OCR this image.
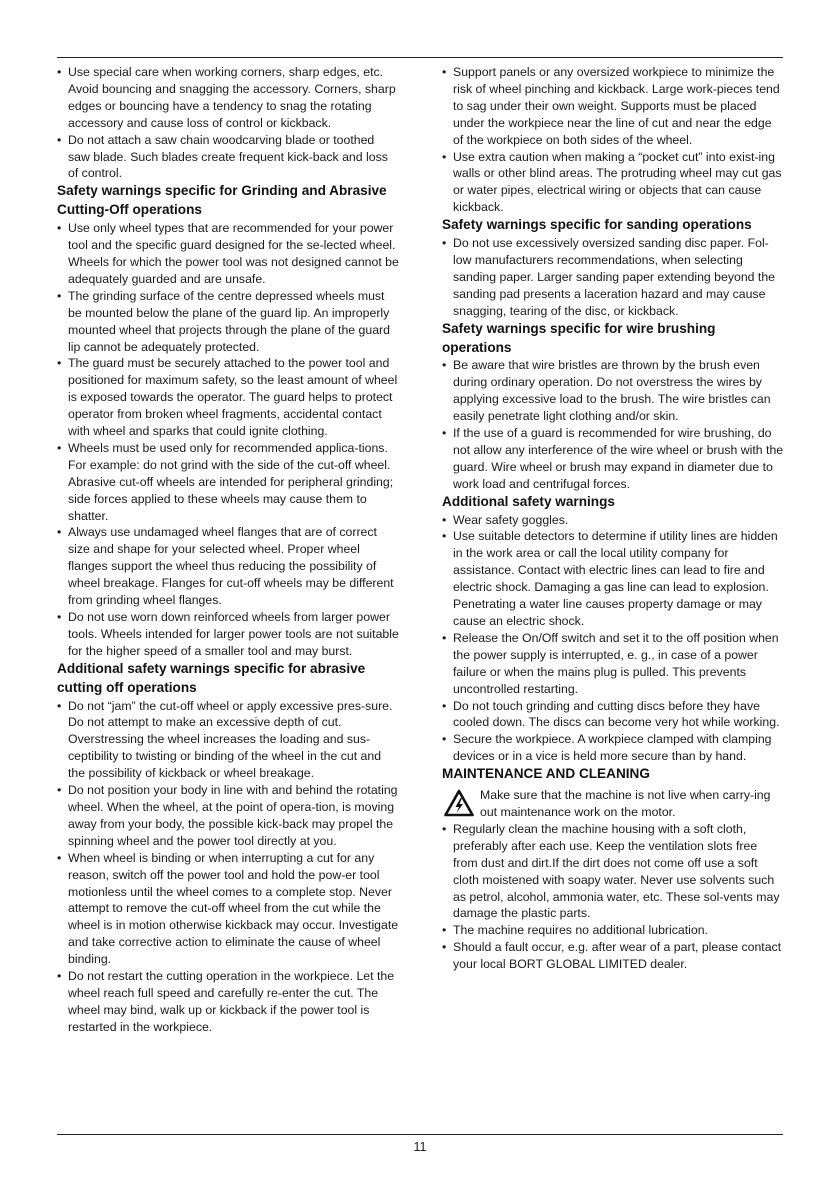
• Use special care when working corners, sharp edges, etc. Avoid bouncing and snagging the accessory. Corners, sharp edges or bouncing have a tendency to snag the rotating accessory and cause loss of control or kickback.
• Do not attach a saw chain woodcarving blade or toothed saw blade. Such blades create frequent kick-back and loss of control.
Safety warnings specific for Grinding and Abrasive Cutting-Off operations
• Use only wheel types that are recommended for your power tool and the specific guard designed for the se-lected wheel. Wheels for which the power tool was not designed cannot be adequately guarded and are unsafe.
• The grinding surface of the centre depressed wheels must be mounted below the plane of the guard lip. An improperly mounted wheel that projects through the plane of the guard lip cannot be adequately protected.
• The guard must be securely attached to the power tool and positioned for maximum safety, so the least amount of wheel is exposed towards the operator. The guard helps to protect operator from broken wheel fragments, accidental contact with wheel and sparks that could ignite clothing.
• Wheels must be used only for recommended applica-tions. For example: do not grind with the side of the cut-off wheel. Abrasive cut-off wheels are intended for peripheral grinding; side forces applied to these wheels may cause them to shatter.
• Always use undamaged wheel flanges that are of correct size and shape for your selected wheel. Proper wheel flanges support the wheel thus reducing the possibility of wheel breakage. Flanges for cut-off wheels may be different from grinding wheel flanges.
• Do not use worn down reinforced wheels from larger power tools. Wheels intended for larger power tools are not suitable for the higher speed of a smaller tool and may burst.
Additional safety warnings specific for abrasive cutting off operations
• Do not “jam” the cut-off wheel or apply excessive pres-sure. Do not attempt to make an excessive depth of cut. Overstressing the wheel increases the loading and sus-ceptibility to twisting or binding of the wheel in the cut and the possibility of kickback or wheel breakage.
• Do not position your body in line with and behind the rotating wheel. When the wheel, at the point of opera-tion, is moving away from your body, the possible kick-back may propel the spinning wheel and the power tool directly at you.
• When wheel is binding or when interrupting a cut for any reason, switch off the power tool and hold the pow-er tool motionless until the wheel comes to a complete stop. Never attempt to remove the cut-off wheel from the cut while the wheel is in motion otherwise kickback may occur. Investigate and take corrective action to eliminate the cause of wheel binding.
• Do not restart the cutting operation in the workpiece. Let the wheel reach full speed and carefully re-enter the cut. The wheel may bind, walk up or kickback if the power tool is restarted in the workpiece.
• Support panels or any oversized workpiece to minimize the risk of wheel pinching and kickback. Large work-pieces tend to sag under their own weight. Supports must be placed under the workpiece near the line of cut and near the edge of the workpiece on both sides of the wheel.
• Use extra caution when making a “pocket cut” into exist-ing walls or other blind areas. The protruding wheel may cut gas or water pipes, electrical wiring or objects that can cause kickback.
Safety warnings specific for sanding operations
• Do not use excessively oversized sanding disc paper. Fol-low manufacturers recommendations, when selecting sanding paper. Larger sanding paper extending beyond the sanding pad presents a laceration hazard and may cause snagging, tearing of the disc, or kickback.
Safety warnings specific for wire brushing operations
• Be aware that wire bristles are thrown by the brush even during ordinary operation. Do not overstress the wires by applying excessive load to the brush. The wire bristles can easily penetrate light clothing and/or skin.
• If the use of a guard is recommended for wire brushing, do not allow any interference of the wire wheel or brush with the guard. Wire wheel or brush may expand in diameter due to work load and centrifugal forces.
Additional safety warnings
• Wear safety goggles.
• Use suitable detectors to determine if utility lines are hidden in the work area or call the local utility company for assistance. Contact with electric lines can lead to fire and electric shock. Damaging a gas line can lead to explosion. Penetrating a water line causes property damage or may cause an electric shock.
• Release the On/Off switch and set it to the off position when the power supply is interrupted, e. g., in case of a power failure or when the mains plug is pulled. This prevents uncontrolled restarting.
• Do not touch grinding and cutting discs before they have cooled down. The discs can become very hot while working.
• Secure the workpiece. A workpiece clamped with clamping devices or in a vice is held more secure than by hand.
MAINTENANCE AND CLEANING
Make sure that the machine is not live when carry-ing out maintenance work on the motor.
• Regularly clean the machine housing with a soft cloth, preferably after each use. Keep the ventilation slots free from dust and dirt.If the dirt does not come off use a soft cloth moistened with soapy water. Never use solvents such as petrol, alcohol, ammonia water, etc. These sol-vents may damage the plastic parts.
• The machine requires no additional lubrication.
• Should a fault occur, e.g. after wear of a part, please contact your local BORT GLOBAL LIMITED dealer.
11
